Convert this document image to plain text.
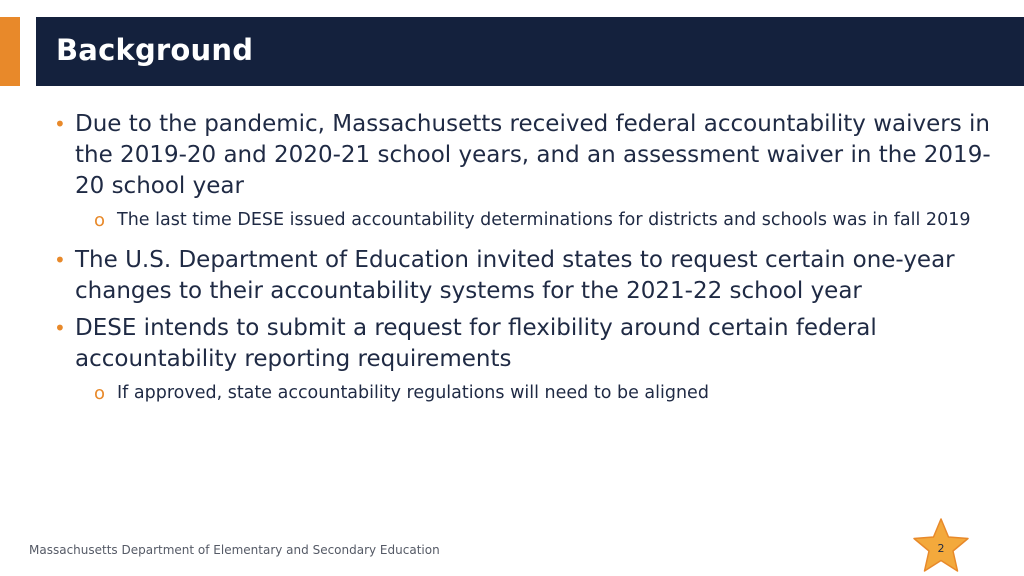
Background
• Due to the pandemic, Massachusetts received federal accountability waivers in the 2019-20 and 2020-21 school years, and an assessment waiver in the 2019-20 school year
o The last time DESE issued accountability determinations for districts and schools was in fall 2019
• The U.S. Department of Education invited states to request certain one-year changes to their accountability systems for the 2021-22 school year
• DESE intends to submit a request for flexibility around certain federal accountability reporting requirements
o If approved, state accountability regulations will need to be aligned
Massachusetts Department of Elementary and Secondary Education	2
